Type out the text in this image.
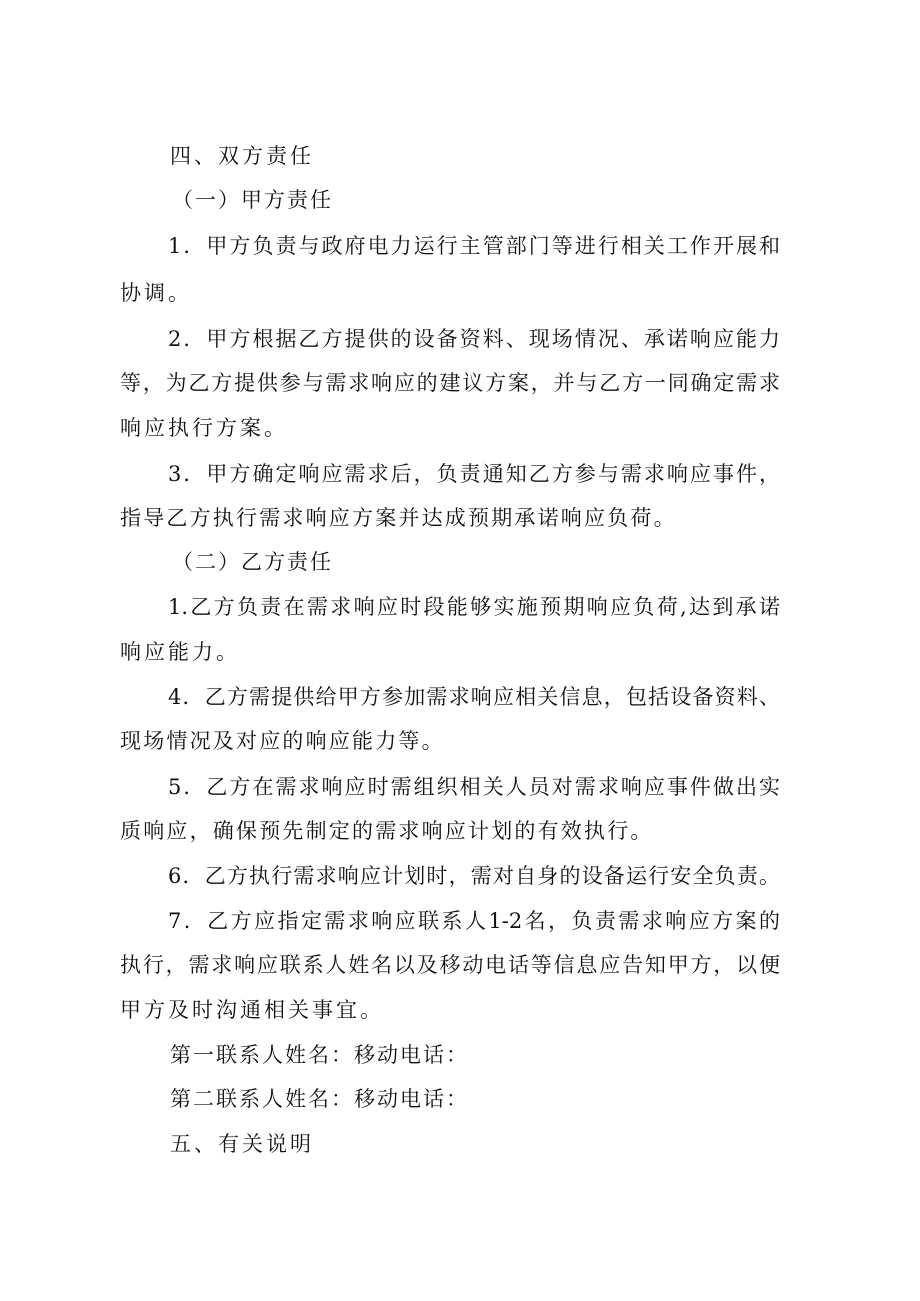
四、双方责任
（一）甲方责任
1．甲方负责与政府电力运行主管部门等进行相关工作开展和
协调。
2．甲方根据乙方提供的设备资料、现场情况、承诺响应能力
等，为乙方提供参与需求响应的建议方案，并与乙方一同确定需求
响应执行方案。
3．甲方确定响应需求后，负责通知乙方参与需求响应事件，
指导乙方执行需求响应方案并达成预期承诺响应负荷。
（二）乙方责任
1.乙方负责在需求响应时段能够实施预期响应负荷,达到承诺
响应能力。
4．乙方需提供给甲方参加需求响应相关信息，包括设备资料、
现场情况及对应的响应能力等。
5．乙方在需求响应时需组织相关人员对需求响应事件做出实
质响应，确保预先制定的需求响应计划的有效执行。
6．乙方执行需求响应计划时，需对自身的设备运行安全负责。
7．乙方应指定需求响应联系人1-2名，负责需求响应方案的
执行，需求响应联系人姓名以及移动电话等信息应告知甲方，以便
甲方及时沟通相关事宜。
第一联系人姓名：移动电话：
第二联系人姓名：移动电话：
五、有关说明
